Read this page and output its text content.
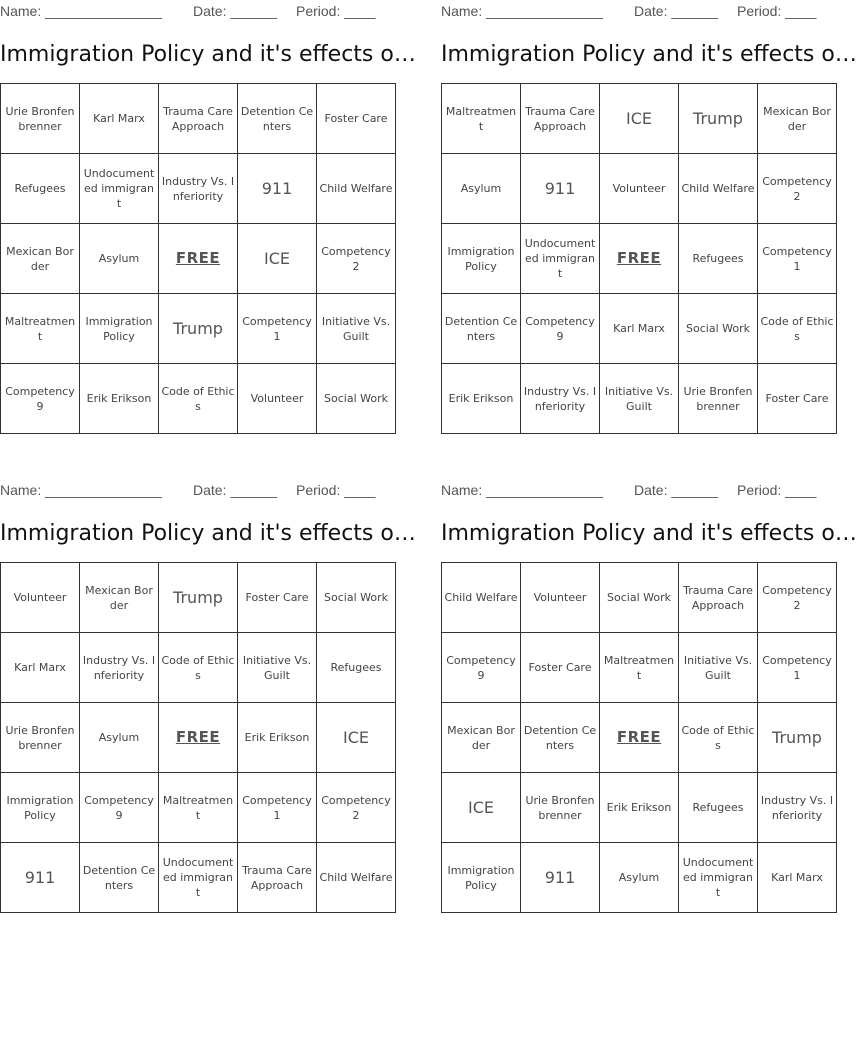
Name: _______________ Date: ______ Period: ____
Immigration Policy and it's effects o…
Urie Bronfenbrenner	Karl Marx	Trauma Care Approach	Detention Centers	Foster Care
Refugees	Undocumented immigrant	Industry Vs. Inferiority	911	Child Welfare
Mexican Border	Asylum	FREE	ICE	Competency 2
Maltreatment	Immigration Policy	Trump	Competency 1	Initiative Vs. Guilt
Competency 9	Erik Erikson	Code of Ethics	Volunteer	Social Work
Name: _______________ Date: ______ Period: ____
Immigration Policy and it's effects o…
Maltreatment	Trauma Care Approach	ICE	Trump	Mexican Border
Asylum	911	Volunteer	Child Welfare	Competency 2
Immigration Policy	Undocumented immigrant	FREE	Refugees	Competency 1
Detention Centers	Competency 9	Karl Marx	Social Work	Code of Ethics
Erik Erikson	Industry Vs. Inferiority	Initiative Vs. Guilt	Urie Bronfenbrenner	Foster Care
Name: _______________ Date: ______ Period: ____
Immigration Policy and it's effects o…
Volunteer	Mexican Border	Trump	Foster Care	Social Work
Karl Marx	Industry Vs. Inferiority	Code of Ethics	Initiative Vs. Guilt	Refugees
Urie Bronfenbrenner	Asylum	FREE	Erik Erikson	ICE
Immigration Policy	Competency 9	Maltreatment	Competency 1	Competency 2
911	Detention Centers	Undocumented immigrant	Trauma Care Approach	Child Welfare
Name: _______________ Date: ______ Period: ____
Immigration Policy and it's effects o…
Child Welfare	Volunteer	Social Work	Trauma Care Approach	Competency 2
Competency 9	Foster Care	Maltreatment	Initiative Vs. Guilt	Competency 1
Mexican Border	Detention Centers	FREE	Code of Ethics	Trump
ICE	Urie Bronfenbrenner	Erik Erikson	Refugees	Industry Vs. Inferiority
Immigration Policy	911	Asylum	Undocumented immigrant	Karl Marx
